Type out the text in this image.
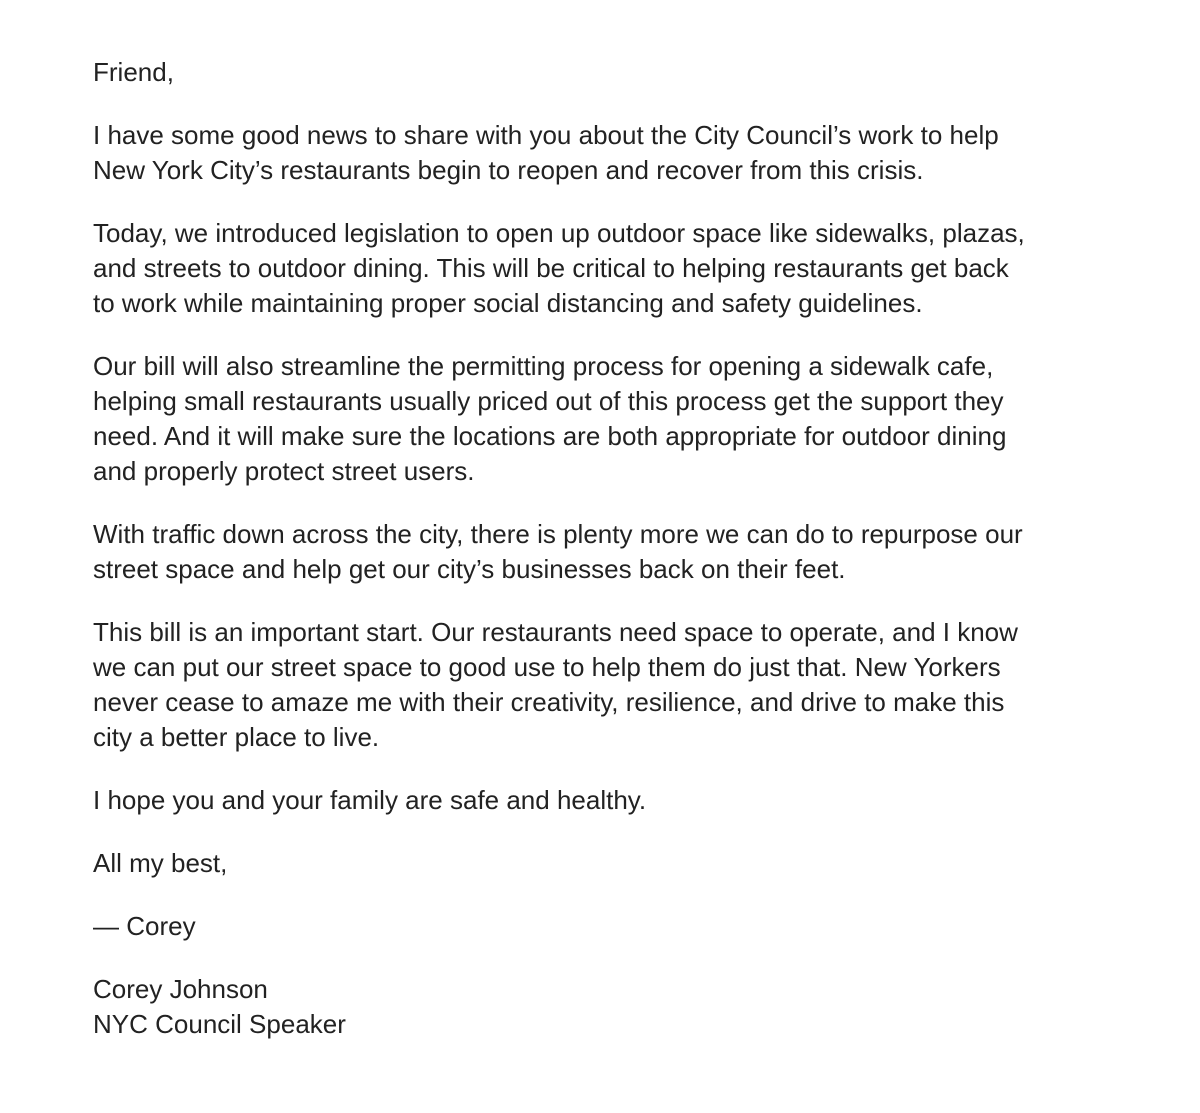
Friend,

I have some good news to share with you about the City Council’s work to help
New York City’s restaurants begin to reopen and recover from this crisis.

Today, we introduced legislation to open up outdoor space like sidewalks, plazas,
and streets to outdoor dining. This will be critical to helping restaurants get back
to work while maintaining proper social distancing and safety guidelines.

Our bill will also streamline the permitting process for opening a sidewalk cafe,
helping small restaurants usually priced out of this process get the support they
need. And it will make sure the locations are both appropriate for outdoor dining
and properly protect street users.

With traffic down across the city, there is plenty more we can do to repurpose our
street space and help get our city’s businesses back on their feet.

This bill is an important start. Our restaurants need space to operate, and I know
we can put our street space to good use to help them do just that. New Yorkers
never cease to amaze me with their creativity, resilience, and drive to make this
city a better place to live.

I hope you and your family are safe and healthy.

All my best,

— Corey

Corey Johnson
NYC Council Speaker
